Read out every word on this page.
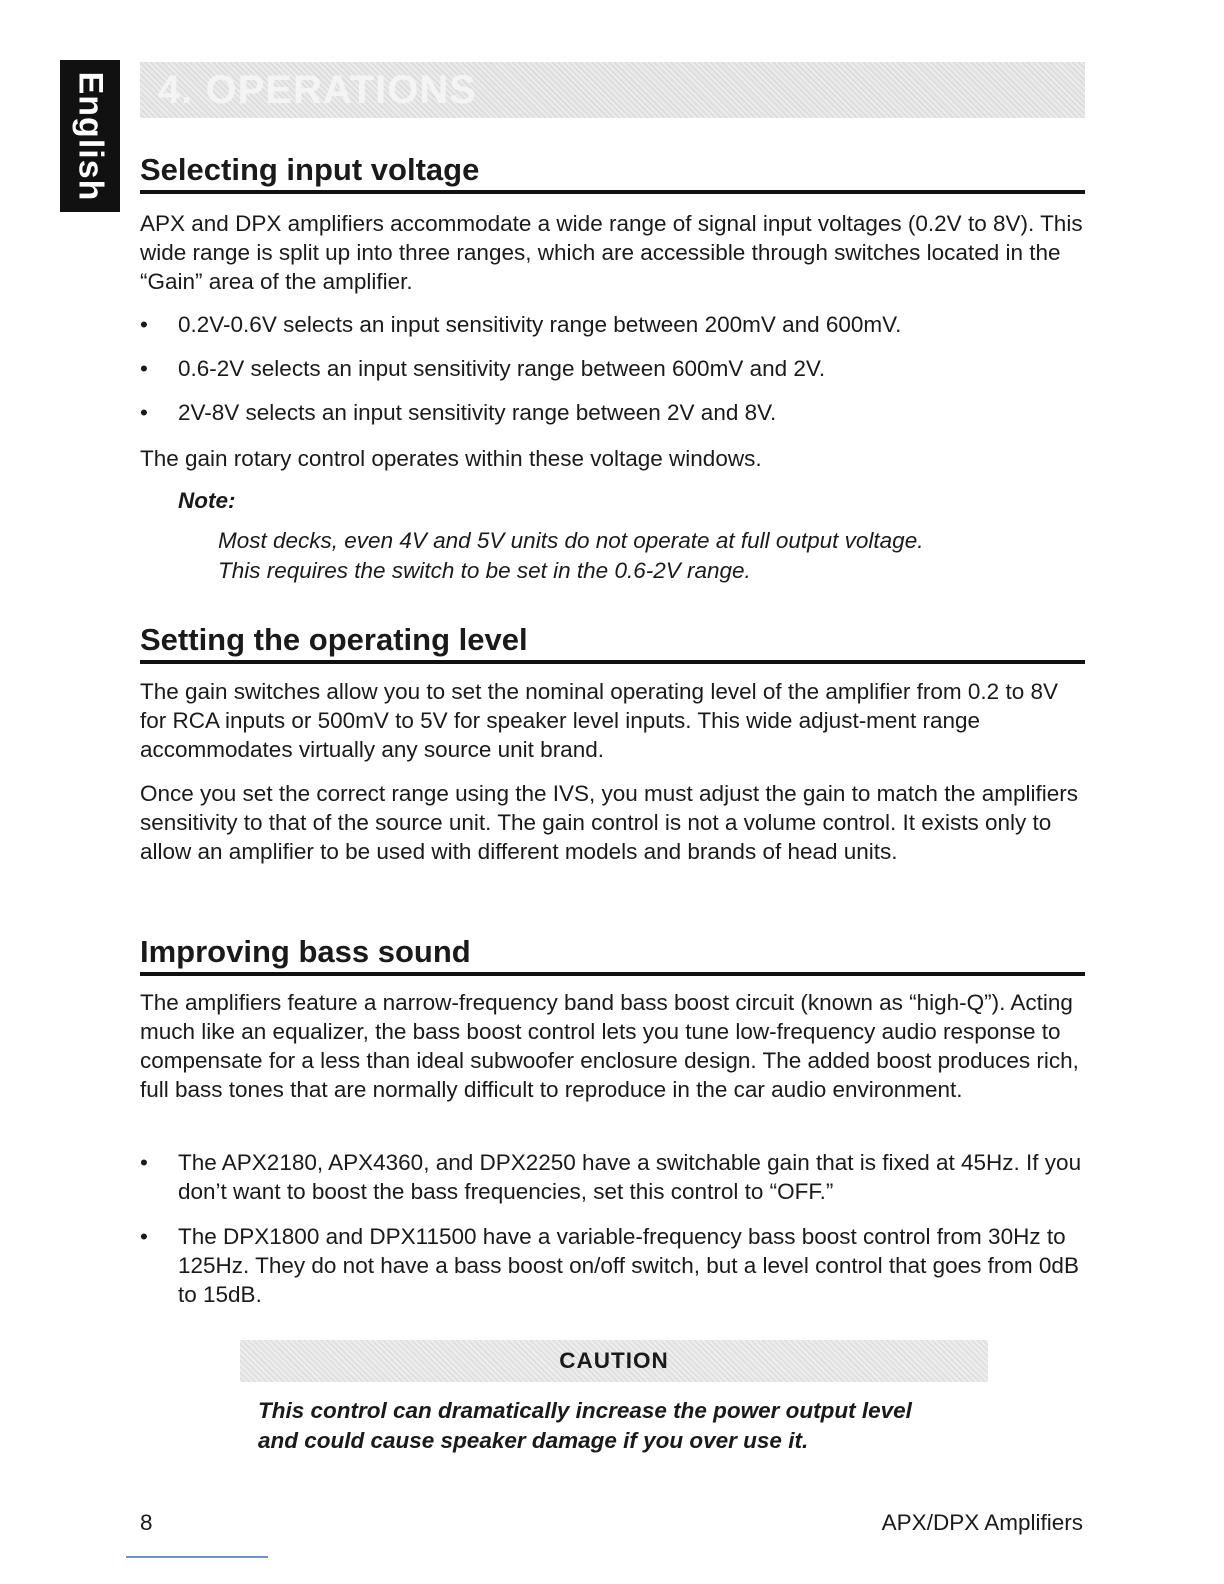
English 4. OPERATIONS
Selecting input voltage

APX and DPX amplifiers accommodate a wide range of signal input voltages (0.2V to 8V). This wide range is split up into three ranges, which are accessible through switches located in the “Gain” area of the amplifier.

• 0.2V-0.6V selects an input sensitivity range between 200mV and 600mV.
• 0.6-2V selects an input sensitivity range between 600mV and 2V.
• 2V-8V selects an input sensitivity range between 2V and 8V.

The gain rotary control operates within these voltage windows.

Note:
Most decks, even 4V and 5V units do not operate at full output voltage.
This requires the switch to be set in the 0.6-2V range.
Setting the operating level

The gain switches allow you to set the nominal operating level of the amplifier from 0.2 to 8V for RCA inputs or 500mV to 5V for speaker level inputs. This wide adjust-ment range accommodates virtually any source unit brand.

Once you set the correct range using the IVS, you must adjust the gain to match the amplifiers sensitivity to that of the source unit. The gain control is not a volume control. It exists only to allow an amplifier to be used with different models and brands of head units.

Improving bass sound

The amplifiers feature a narrow-frequency band bass boost circuit (known as “high-Q”). Acting much like an equalizer, the bass boost control lets you tune low-frequency audio response to compensate for a less than ideal subwoofer enclosure design. The added boost produces rich, full bass tones that are normally difficult to reproduce in the car audio environment.

• The APX2180, APX4360, and DPX2250 have a switchable gain that is fixed at 45Hz. If you don’t want to boost the bass frequencies, set this control to “OFF.”
• The DPX1800 and DPX11500 have a variable-frequency bass boost control from 30Hz to 125Hz. They do not have a bass boost on/off switch, but a level control that goes from 0dB to 15dB.
CAUTION
This control can dramatically increase the power output level
and could cause speaker damage if you over use it.
8	APX/DPX Amplifiers
